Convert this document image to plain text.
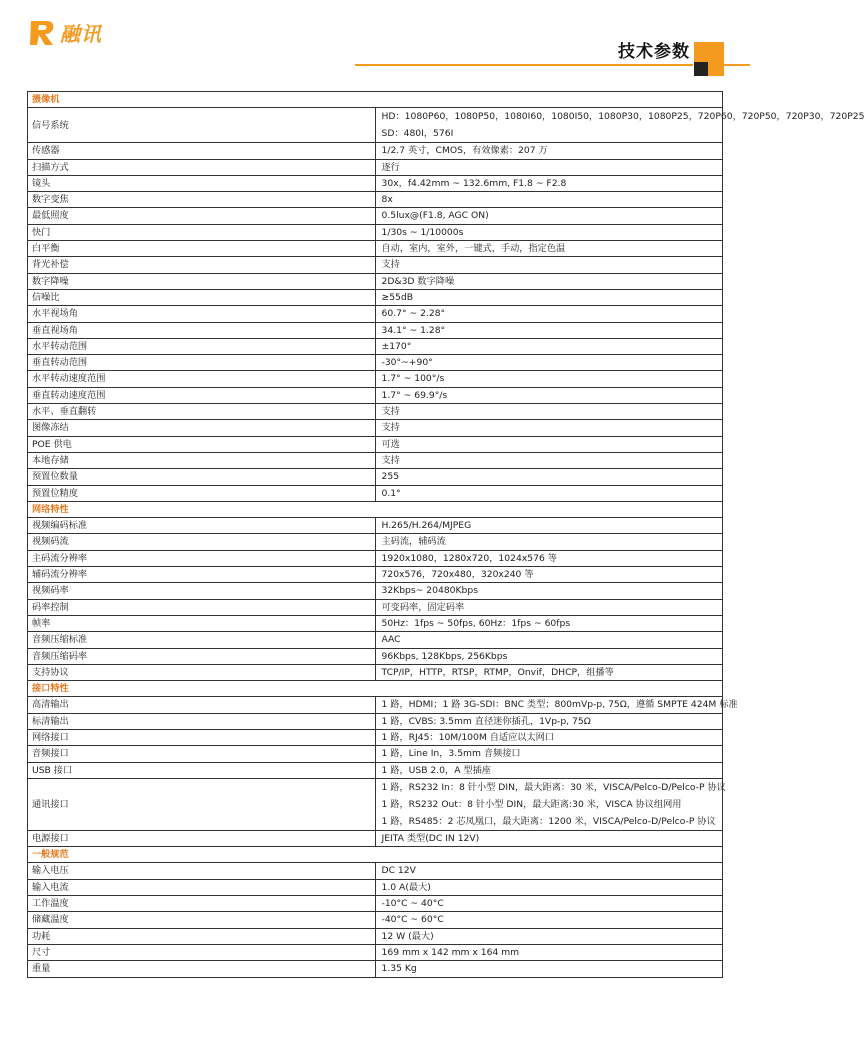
融讯
技术参数
摄像机	
信号系统	HD：1080P60，1080P50，1080I60，1080I50，1080P30，1080P25，720P60，720P50，720P30，720P25
SD：480I，576I

传感器	1/2.7 英寸，CMOS，有效像素：207 万
扫描方式	逐行
镜头	30x，f4.42mm ~ 132.6mm, F1.8 ~ F2.8
数字变焦	8x
最低照度	0.5lux@(F1.8, AGC ON)
快门	1/30s ~ 1/10000s
白平衡	自动，室内，室外，一键式，手动，指定色温
背光补偿	支持
数字降噪	2D&3D 数字降噪
信噪比	≥55dB
水平视场角	60.7° ~ 2.28°
垂直视场角	34.1° ~ 1.28°
水平转动范围	±170°
垂直转动范围	-30°~+90°
水平转动速度范围	1.7° ~ 100°/s
垂直转动速度范围	1.7° ~ 69.9°/s
水平、垂直翻转	支持
图像冻结	支持
POE 供电	可选
本地存储	支持
预置位数量	255
预置位精度	0.1°
网络特性	
视频编码标准	H.265/H.264/MJPEG
视频码流	主码流，辅码流
主码流分辨率	1920x1080，1280x720，1024x576 等
辅码流分辨率	720x576，720x480，320x240 等
视频码率	32Kbps~ 20480Kbps
码率控制	可变码率，固定码率
帧率	50Hz：1fps ~ 50fps, 60Hz：1fps ~ 60fps
音频压缩标准	AAC
音频压缩码率	96Kbps, 128Kbps, 256Kbps
支持协议	TCP/IP，HTTP，RTSP，RTMP，Onvif，DHCP，组播等
接口特性	
高清输出	1 路，HDMI；1 路 3G-SDI：BNC 类型；800mVp-p, 75Ω，遵循 SMPTE 424M 标准
标清输出	1 路，CVBS: 3.5mm 直径迷你插孔，1Vp-p, 75Ω
网络接口	1 路，RJ45：10M/100M 自适应以太网口
音频接口	1 路，Line In，3.5mm 音频接口
USB 接口	1 路，USB 2.0，A 型插座
通讯接口	1 路，RS232 In：8 针小型 DIN，最大距离：30 米，VISCA/Pelco-D/Pelco-P 协议
1 路，RS232 Out：8 针小型 DIN，最大距离:30 米，VISCA 协议组网用
1 路，RS485：2 芯凤凰口，最大距离：1200 米，VISCA/Pelco-D/Pelco-P 协议

电源接口	JEITA 类型(DC IN 12V)
一般规范	
输入电压	DC 12V
输入电流	1.0 A(最大)
工作温度	-10°C ~ 40°C
储藏温度	-40°C ~ 60°C
功耗	12 W (最大)
尺寸	169 mm x 142 mm x 164 mm
重量	1.35 Kg
